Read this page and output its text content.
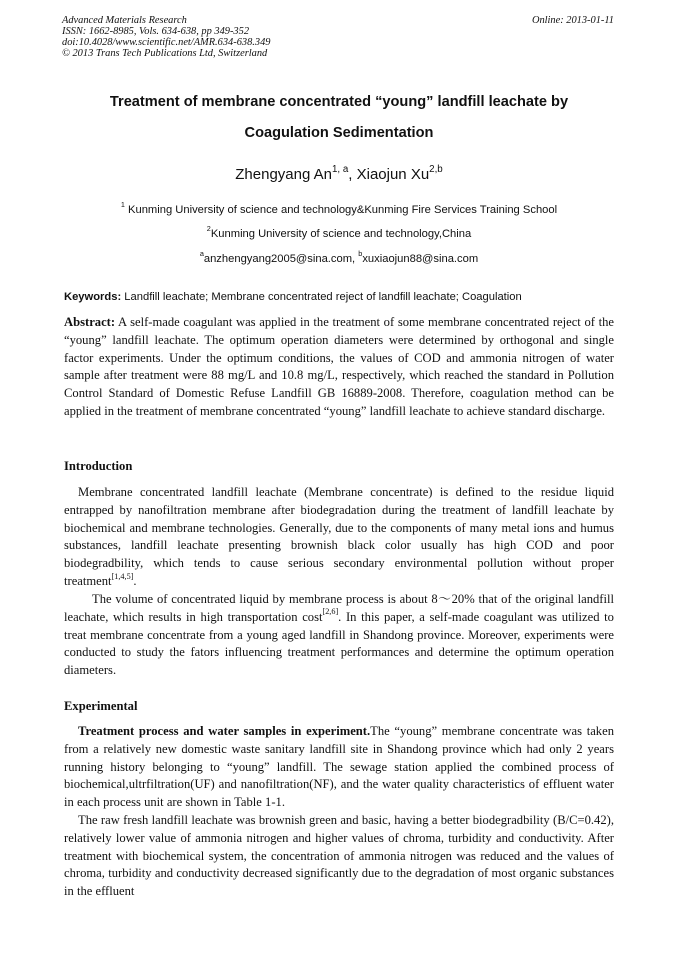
Advanced Materials Research
ISSN: 1662-8985, Vols. 634-638, pp 349-352
doi:10.4028/www.scientific.net/AMR.634-638.349
© 2013 Trans Tech Publications Ltd, Switzerland
Online: 2013-01-11
Treatment of membrane concentrated “young” landfill leachate by
Coagulation Sedimentation
Zhengyang An$^{1, a}$, Xiaojun Xu$^{2,b}$
$^1$ Kunming University of science and technology&Kunming Fire Services Training School
$^2$Kunming University of science and technology,China
$^a$anzhengyang2005@sina.com, $^b$xuxiaojun88@sina.com
Keywords: Landfill leachate; Membrane concentrated reject of landfill leachate; Coagulation
Abstract: A self-made coagulant was applied in the treatment of some membrane concentrated reject of the “young” landfill leachate. The optimum operation diameters were determined by orthogonal and single factor experiments. Under the optimum conditions, the values of COD and ammonia nitrogen of water sample after treatment were 88 mg/L and 10.8 mg/L, respectively, which reached the standard in Pollution Control Standard of Domestic Refuse Landfill GB 16889-2008. Therefore, coagulation method can be applied in the treatment of membrane concentrated “young” landfill leachate to achieve standard discharge.
Introduction
Membrane concentrated landfill leachate (Membrane concentrate) is defined to the residue liquid entrapped by nanofiltration membrane after biodegradation during the treatment of landfill leachate by biochemical and membrane technologies. Generally, due to the components of many metal ions and humus substances, landfill leachate presenting brownish black color usually has high COD and poor biodegradbility, which tends to cause serious secondary environmental pollution without proper treatment[1,4,5].
The volume of concentrated liquid by membrane process is about 8～20% that of the original landfill leachate, which results in high transportation cost[2,6]. In this paper, a self-made coagulant was utilized to treat membrane concentrate from a young aged landfill in Shandong province. Moreover, experiments were conducted to study the fators influencing treatment performances and determine the optimum operation diameters.
Experimental
Treatment process and water samples in experiment.The “young” membrane concentrate was taken from a relatively new domestic waste sanitary landfill site in Shandong province which had only 2 years running history belonging to “young” landfill. The sewage station applied the combined process of biochemical,ultrfiltration(UF) and nanofiltration(NF), and the water quality characteristics of effluent water in each process unit are shown in Table 1-1.
The raw fresh landfill leachate was brownish green and basic, having a better biodegradbility (B/C=0.42), relatively lower value of ammonia nitrogen and higher values of chroma, turbidity and conductivity. After treatment with biochemical system, the concentration of ammonia nitrogen was reduced and the values of chroma, turbidity and conductivity decreased significantly due to the degradation of most organic substances in the effluent
